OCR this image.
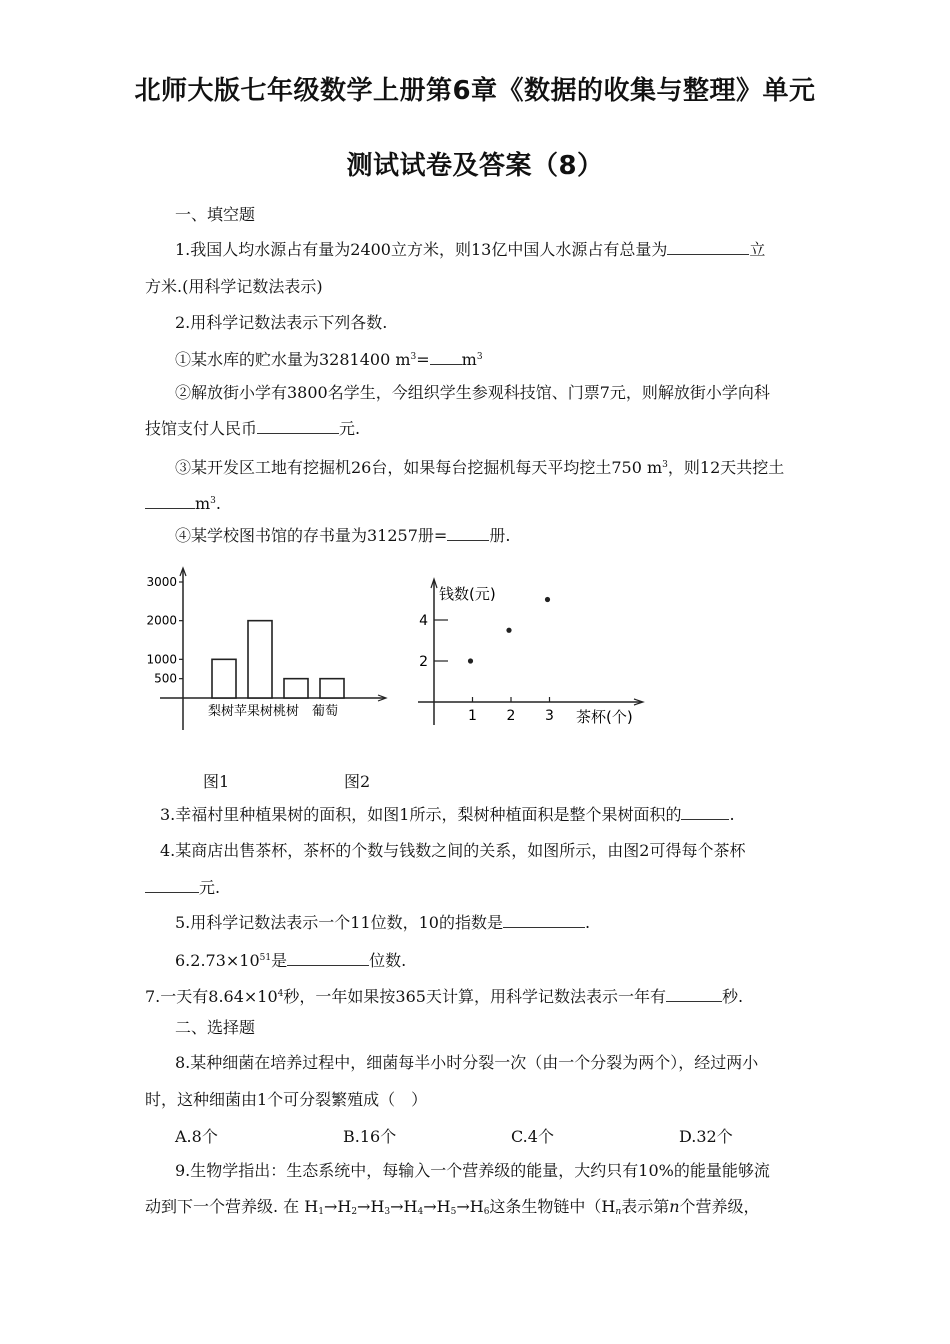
北师大版七年级数学上册第6章《数据的收集与整理》单元
测试试卷及答案（8）
一、填空题
1.我国人均水源占有量为2400立方米，则13亿中国人水源占有总量为	立
方米.(用科学记数法表示)
2.用科学记数法表示下列各数.
①某水库的贮水量为3281400 $m^3= m^3$
②解放街小学有3800名学生，今组织学生参观科技馆、门票7元，则解放街小学向科
技馆支付人民币	元.
③某开发区工地有挖掘机26台，如果每台挖掘机每天平均挖土750 $m^3$，则12天共挖土
$m^3$.
④某学校图书馆的存书量为31257册=	册.
500
1000
2000
3000
梨树苹果树桃树　葡萄
钱数(元)
茶杯(个)
2
4
1 2 3
图1	图2
3.幸福村里种植果树的面积，如图1所示，梨树种植面积是整个果树面积的	.
4.某商店出售茶杯，茶杯的个数与钱数之间的关系，如图所示，由图2可得每个茶杯
元.
5.用科学记数法表示一个11位数，10的指数是	.
$6.2.73\times 10^{51}$是	位数.
7.一天有$8.64\times 10^4$秒，一年如果按365天计算，用科学记数法表示一年有	秒.
二、选择题
8.某种细菌在培养过程中，细菌每半小时分裂一次（由一个分裂为两个），经过两小
时，这种细菌由1个可分裂繁殖成（　）
A.8个	B.16个	C.4个	D.32个
9.生物学指出：生态系统中，每输入一个营养级的能量，大约只有10%的能量能够流
动到下一个营养级. 在 $H_1\to H_2\to H_3\to H_4\to H_5\to H_6$这条生物链中（$H_n$表示第n个营养级，
